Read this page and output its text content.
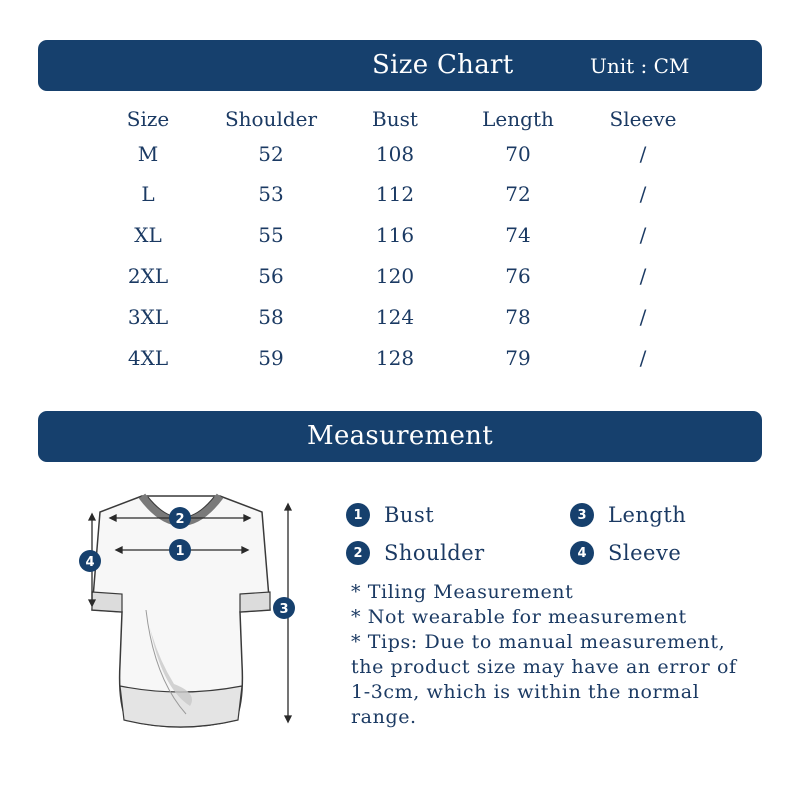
Size Chart	Unit : CM
Size	Shoulder	Bust	Length	Sleeve
M	52	108	70	/
L	53	112	72	/
XL	55	116	74	/
2XL	56	120	76	/
3XL	58	124	78	/
4XL	59	128	79	/
Measurement
2
1
4
3
1	Bust	3	Length
2	Shoulder	4	Sleeve
* Tiling Measurement
* Not wearable for measurement
* Tips: Due to manual measurement,
the product size may have an error of
1-3cm, which is within the normal
range.
